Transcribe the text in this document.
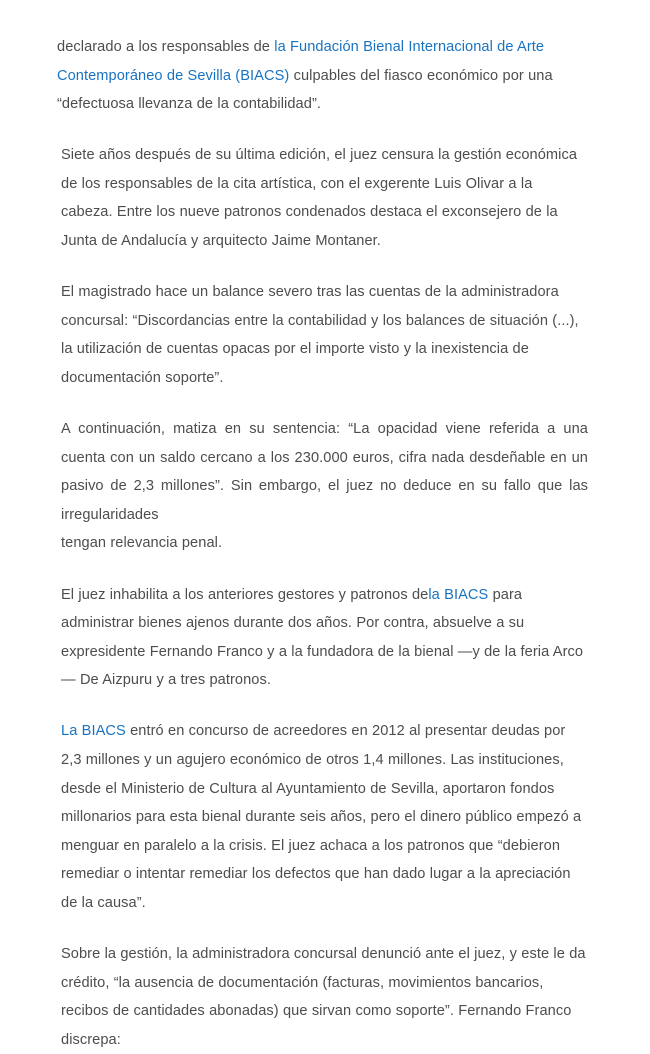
declarado a los responsables de la Fundación Bienal Internacional de Arte Contemporáneo de Sevilla (BIACS) culpables del fiasco económico por una “defectuosa llevanza de la contabilidad”.

Siete años después de su última edición, el juez censura la gestión económica de los responsables de la cita artística, con el exgerente Luis Olivar a la cabeza. Entre los nueve patronos condenados destaca el exconsejero de la Junta de Andalucía y arquitecto Jaime Montaner.

El magistrado hace un balance severo tras las cuentas de la administradora concursal: “Discordancias entre la contabilidad y los balances de situación (...), la utilización de cuentas opacas por el importe visto y la inexistencia de documentación soporte”.

A continuación, matiza en su sentencia: “La opacidad viene referida a una cuenta con un saldo cercano a los 230.000 euros, cifra nada desdeñable en un pasivo de 2,3 millones”. Sin embargo, el juez no deduce en su fallo que las irregularidades
tengan relevancia penal.

El juez inhabilita a los anteriores gestores y patronos dela BIACS para administrar bienes ajenos durante dos años. Por contra, absuelve a su expresidente Fernando Franco y a la fundadora de la bienal —y de la feria Arco— De Aizpuru y a tres patronos.

La BIACS entró en concurso de acreedores en 2012 al presentar deudas por 2,3 millones y un agujero económico de otros 1,4 millones. Las instituciones, desde el Ministerio de Cultura al Ayuntamiento de Sevilla, aportaron fondos millonarios para esta bienal durante seis años, pero el dinero público empezó a menguar en paralelo a la crisis. El juez achaca a los patronos que “debieron remediar o intentar remediar los defectos que han dado lugar a la apreciación de la causa”.

Sobre la gestión, la administradora concursal denunció ante el juez, y este le da crédito, “la ausencia de documentación (facturas, movimientos bancarios, recibos de cantidades abonadas) que sirvan como soporte”. Fernando Franco discrepa:
